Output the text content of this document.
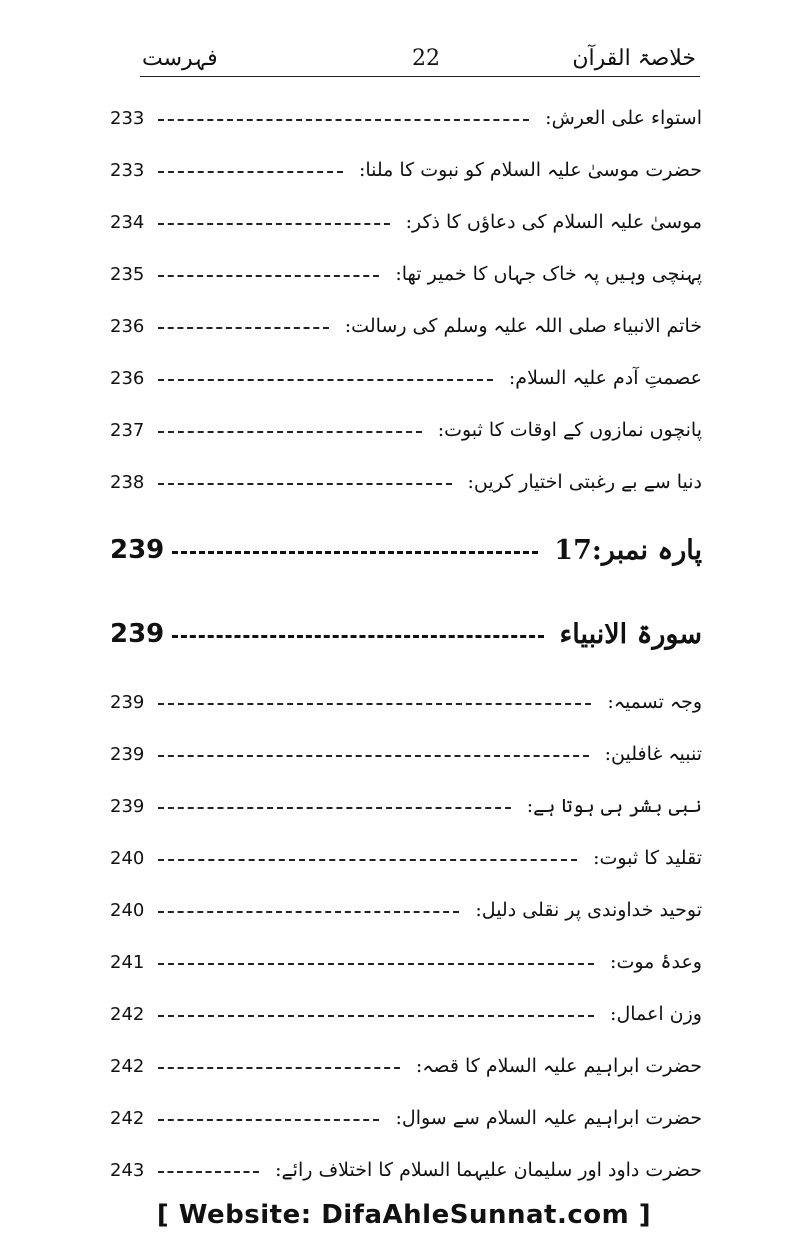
خلاصۃ القرآن
22
فہرست
استواء علی العرش:
233
حضرت موسیٰ علیہ السلام کو نبوت کا ملنا:
233
موسیٰ علیہ السلام کی دعاؤں کا ذکر:
234
پہنچی وہیں پہ خاک جہاں کا خمیر تھا:
235
خاتم الانبیاء صلی اللہ علیہ وسلم کی رسالت:
236
عصمتِ آدم علیہ السلام:
236
پانچوں نمازوں کے اوقات کا ثبوت:
237
دنیا سے بے رغبتی اختیار کریں:
238
پارہ نمبر:17
239
سورۃ الانبیاء
239
وجہ تسمیہ:
239
تنبیہ غافلین:
239
نبی بشر ہی ہوتا ہے:
239
تقلید کا ثبوت:
240
توحید خداوندی پر نقلی دلیل:
240
وعدۂ موت:
241
وزن اعمال:
242
حضرت ابراہیم علیہ السلام کا قصہ:
242
حضرت ابراہیم علیہ السلام سے سوال:
242
حضرت داود اور سلیمان علیہما السلام کا اختلاف رائے:
243
[ Website: DifaAhleSunnat.com ]
